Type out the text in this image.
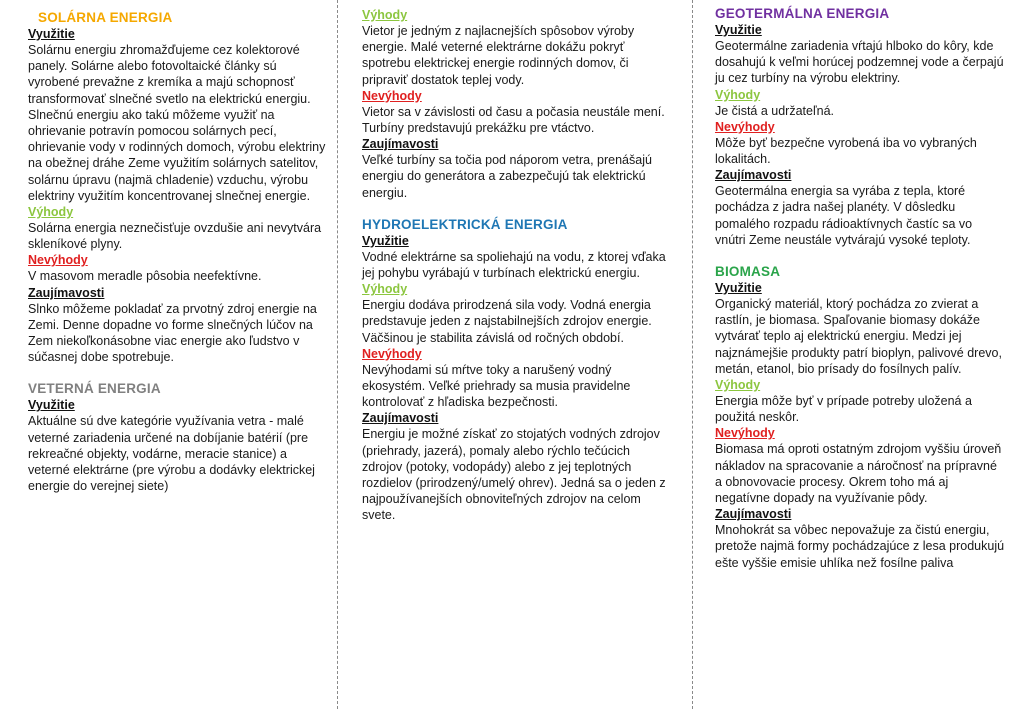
SOLÁRNA ENERGIA
Využitie

Solárnu energiu zhromažďujeme cez kolektorové panely. Solárne alebo fotovoltaické články sú vyrobené prevažne z kremíka a majú schopnosť transformovať slnečné svetlo na elektrickú energiu.

Slnečnú energiu ako takú môžeme využiť na ohrievanie potravín pomocou solárnych pecí,

ohrievanie vody v rodinných domoch, výrobu elektriny na obežnej dráhe Zeme využitím solárnych satelitov, solárnu úpravu (najmä chladenie) vzduchu, výrobu elektriny využitím koncentrovanej slnečnej energie.

Výhody

Solárna energia neznečisťuje ovzdušie ani nevytvára skleníkové plyny.

Nevýhody

V masovom meradle pôsobia neefektívne.

Zaujímavosti

Slnko môžeme pokladať za prvotný zdroj energie na Zemi. Denne dopadne vo forme slnečných lúčov na Zem niekoľkonásobne viac energie ako ľudstvo v súčasnej dobe spotrebuje.

VETERNÁ ENERGIA
Využitie

Aktuálne sú dve kategórie využívania vetra - malé veterné zariadenia určené na dobíjanie batérií (pre rekreačné objekty, vodárne, meracie stanice) a veterné elektrárne (pre výrobu a dodávky elektrickej energie do verejnej siete)

Výhody

Vietor je jedným z najlacnejších spôsobov výroby energie. Malé veterné elektrárne dokážu pokryť spotrebu elektrickej energie rodinných domov, či pripraviť dostatok teplej vody.

Nevýhody

Vietor sa v závislosti od času a počasia neustále mení. Turbíny predstavujú prekážku pre vtáctvo.

Zaujímavosti

Veľké turbíny sa točia pod náporom vetra, prenášajú energiu do generátora a zabezpečujú tak elektrickú energiu.

HYDROELEKTRICKÁ ENERGIA
Využitie

Vodné elektrárne sa spoliehajú na vodu, z ktorej vďaka jej pohybu vyrábajú v turbínach elektrickú energiu.

Výhody

Energiu dodáva prirodzená sila vody. Vodná energia predstavuje jeden z najstabilnejších zdrojov energie. Väčšinou je stabilita závislá od ročných období.

Nevýhody

Nevýhodami sú mŕtve toky a narušený vodný ekosystém. Veľké priehrady sa musia pravidelne kontrolovať z hľadiska bezpečnosti.

Zaujímavosti

Energiu je možné získať zo stojatých vodných zdrojov (priehrady, jazerá), pomaly alebo rýchlo tečúcich zdrojov (potoky, vodopády) alebo z jej teplotných rozdielov (prirodzený/umelý ohrev). Jedná sa o jeden z najpoužívanejších obnoviteľných zdrojov na celom svete.

GEOTERMÁLNA ENERGIA
Využitie

Geotermálne zariadenia vŕtajú hlboko do kôry, kde dosahujú k veľmi horúcej podzemnej vode a čerpajú ju cez turbíny na výrobu elektriny.

Výhody

Je čistá a udržateľná.

Nevýhody

Môže byť bezpečne vyrobená iba vo vybraných lokalitách.

Zaujímavosti

Geotermálna energia sa vyrába z tepla, ktoré pochádza z jadra našej planéty. V dôsledku pomalého rozpadu rádioaktívnych častíc sa vo vnútri Zeme neustále vytvárajú vysoké teploty.

BIOMASA
Využitie

Organický materiál, ktorý pochádza zo zvierat a rastlín, je biomasa. Spaľovanie biomasy dokáže vytvárať teplo aj elektrickú energiu. Medzi jej najznámejšie produkty patrí bioplyn, palivové drevo, metán, etanol, bio prísady do fosílnych palív.

Výhody

Energia môže byť v prípade potreby uložená a použitá neskôr.

Nevýhody

Biomasa má oproti ostatným zdrojom vyššiu úroveň nákladov na spracovanie a náročnosť na prípravné a obnovovacie procesy. Okrem toho má aj negatívne dopady na využívanie pôdy.

Zaujímavosti

Mnohokrát sa vôbec nepovažuje za čistú energiu, pretože najmä formy pochádzajúce z lesa produkujú ešte vyššie emisie uhlíka než fosílne paliva
